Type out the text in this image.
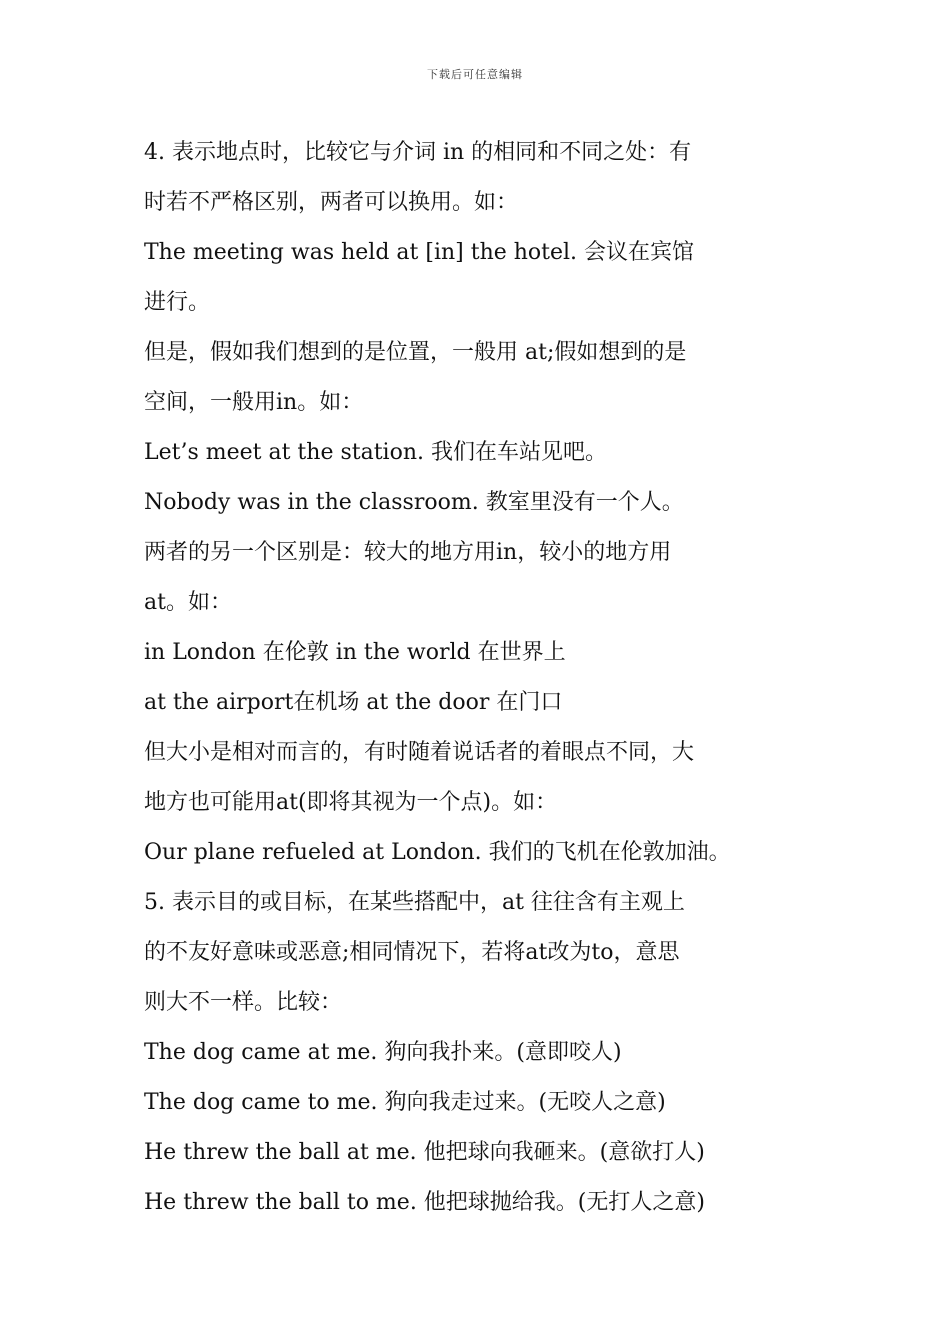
下载后可任意编辑
4. 表示地点时，比较它与介词 in 的相同和不同之处：有
时若不严格区别，两者可以换用。如：
The meeting was held at [in] the hotel. 会议在宾馆
进行。
但是，假如我们想到的是位置，一般用 at;假如想到的是
空间，一般用in。如：
Let’s meet at the station. 我们在车站见吧。
Nobody was in the classroom. 教室里没有一个人。
两者的另一个区别是：较大的地方用in，较小的地方用
at。如：
in London 在伦敦 in the world 在世界上
at the airport在机场 at the door 在门口
但大小是相对而言的，有时随着说话者的着眼点不同，大
地方也可能用at(即将其视为一个点)。如：
Our plane refueled at London. 我们的飞机在伦敦加油。
5. 表示目的或目标，在某些搭配中，at 往往含有主观上
的不友好意味或恶意;相同情况下，若将at改为to，意思
则大不一样。比较：
The dog came at me. 狗向我扑来。(意即咬人)
The dog came to me. 狗向我走过来。(无咬人之意)
He threw the ball at me. 他把球向我砸来。(意欲打人)
He threw the ball to me. 他把球抛给我。(无打人之意)
